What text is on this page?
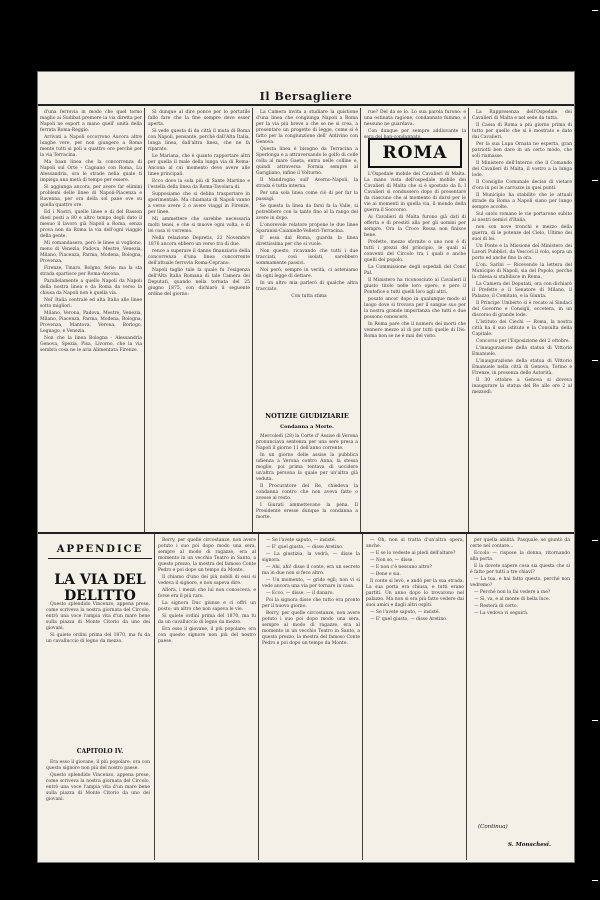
Il Bersagliere

d'una ferrovia in modo che quel torno maglio ai Sudibat premere ia via diretta per Napoli ne esport a mano quell' unità della ferrata Roma-Reggio.

Arrivati a Napoli occorrono Aucora altre lunghe vere, per non giungere a Roma mente tutti si poli a quattro ore perchè per la via Terracina.

Ma baan linea che la concorrenza di Napoli sul Orte - Cagnano con Roma, Lu Alessandria, ora le strade nella quale ti impiega una metà di tempo per essere.

Si aggiunga ancora, per avere far elimini problemi delle linee di Napoli-Piacenza e Ravenna, per ora della sol pane ove su quella quattro ore.

Ed i Nostri, quelle linee e di del Basson diesl posti a 80 e altro tempo degli dato il mesuo il lavoro già Napoli a Roma, senza prova non da Roma la via dell'ogni viaggio della gente.

Mi comandasero, però le linee si vogliono, meno di Venezia, Padova, Mestre, Venezia, Milano, Piacenza, Parma, Modena, Bologna, Provenza.

Firenze, Tinaro, Bolgno, ferie: ma la sta strada spartisce per Roma-Ancona.

Parallelamente a quello Napoli da Napoli della nostra linea e da Roma da verso la chiusa da Napoli non è quella via.

Nel' Italia centrale ed alta Italia alle linee sotto migliori.

Milano, Verona, Padova, Mestre, Venezia, Milano, Piacenza, Parma, Modena, Bologna, Provenza, Mantova, Verona, Borlogo, Legnago, e Venezia.

Non che la linea Bologna - Alessandria Genova, Spezia, Pisa, Livorno, che la via sembra cosa ne le aria Alimentata Firenze.

Si dunque al dire ponce per lo portatile fallo fare che la fine sempre deve esser aperta.

Si vede questa di da città il muta di Roma con Napoli, pensante, perchè dall'Alta Italia, lunga linea, dall'altra linea, che ne fa riparato.

Le Mariana, che è quanto rapportare altri per quella il male della lunga via di Roma-Ancona al cui momento deve avere alle linee principali.

Ecco dove la sola più di Sante Martino e l'estella della linea da Roma-Tavolara di.

Supposiamo che si debba trasportare in sperimentale. Ma chiamata di Napoli vanno a verso avere 2 o avere viaggi in Firenze, per linee.

Mi ammettere che sarebbe necessaria molti tenei, e che si muove ogni volta, e di lei cosa vi vorremo.

Nella relazione Depretis, 22 Novembre 1876 ancora ebbero un verso tra di due.

rence a superare il danno finanziario della concorrenza d'una linea concorrente dell'attuale ferrovia Roma-Ceprano.

Napoli taglio tale la quale fu l'esigenza dell'Alta Italia Romana di tale Camera dei Deputati, quando nella tornata del 25 giugno 1875, con dichiarò il seguente ordine del giorno:

La Camera invita a studiare la quistione d'una linea che congiunga Napoli a Roma per la via più breve a che se ne si crea, a presentare un progetto di legge, come si è fatto per la congiunzione dell' Antivino con Genova.

Questa linea è bisogno da Terracina a Sperlonga e a attraversando le golfo di colle colla al mare Gaeta, entra nelle colline e, quindi attraversa Formia sempre al Garigliano, infine il Volturno.

Il Mandrogno sull' Averno-Napoli, la strada è tutta interna.

Per una sola linea come ciò di per far la passagi.

Se questa la linea da farsi fa la Valle, si potrebbero con la tanto fino al la rango del avere in dopo.

L'onorevole relatore propone le due linee Sparanisi-Caianiello-Velletri-Terracina.

E' essa dal Roma, guarda la linea direttissima per che si vuole.

Non questo, ricavando che tutti i due tracciati, così isolati, sarebbero sommamente passivi.

Noi però, sempre in verità, ci asteniamo da ogni legge di dettare.

In un altro mia parlerò di qualche altra tracciato.

Con tutta stima

NOTIZIE GIUDIZIARIE
Condanna a Morte.

Mercoledì (28) la Corte d' Assise di Verona pronunciava sentenza per una sere presa a Napoli il giorno 11 dell'anno corrente.

In un giorno delle assise la pubblica udienza a Verona contro Anna, la stessa moglie, poi prima tentava di uccidere un'altra persona la quale per un'altra già veduta.

Il Procuratore del Re, chiedeva la condanna contro che non aveva fatto o avesse al resto.

I Giurati ammettevano la pena. Il Presidente eresse dunque la condanna a morte.

rue? Del da se lo. Lo sua parola furono: e una ostinata ragione, condannato fummo, e nessuno ne guardava.

Con dunque per sempre addiuvante la sera del ban-condannato.

ROMA

L'Ospedale mobile dei Cavalieri di Malta. La mano vista dell'ospedale mobile dei Cavalieri di Malta che si è spostato da lì. I Cavalieri si condussero dopo di presentare da ciascuno che al momento di darsi per le vie ai momenti in quella via, il mondo della guerra il Soccorso.

Ai Cavalieri di Malta furono già dati di offerta e di prestiti alla per gli uomini per sempre. Ora la Croce Rossa non finisce bene.

Prefetto, mezzo sfornito o uno non è di tutti i prezzi del principio, le quali ai conventi del Circolo tra i quali e anche quelli del popolo.

La Commissione degli ospedali del Cons' Pal.

Il Ministero ha riconosciuto ai Cavalieri il giusto titolo nelle loro opere, e pero il Pontefice e tutti quelli loro agli altri.

posato ancor dopo in qualunque modo al luogo dove si trovava per il sangue suo per la nostra grande importanza che tutti e due possono conoscere.

In Roma pare che il numero dei morti che vennero mezzo al di per tutti quelle di Dio. Roma non se ne è mai del visto.

La Rappresenza dell'Ospedale dei Cavalieri di Malta e nel sede da tutta.

Il Cassa di Roma a più giorno prima di tutto per quello che si è mostrato e dato dai Cavalieri.

Per la sua Lupa Ornata ne esperta, gran patriotti ben dare in un certo modo, che soli riamasse.

Il Ministero dell'Interno che il Comando del Cavalieri di Malta, il vostro a la lunga lode.

Il Consiglio Comunale decise di vietare d'ora in poi le carrozze in quei punti.

Il Municipio ha stabilito che le attuali strade da Roma a Napoli siano per lungo sempre accolte.

Sul suolo romano le vie portarono subito ai nostri nemici d'Italia.

non son nove tronchi e mezzo della guerra, di le potenze del Cielo, Ultimo dei suoi di lei.

Un Ponte e la Missione del Ministero dei Lavori Pubblici, da Vescovi il volo, sopra un porto ed anche fino la ora.

L'on. Sarini — Ricevendo la lettera del Municipio di Napoli, sia del Popolo, perché la chiesa si stabilisce in Roma.

La Camera dei Deputati, ora con dichiarò il Prefetto e il Senatore di Milano, il Palazzo, il Comitato, e la Giunta.

Il Principe Umberto si è recato ai Sindaci del Governo e Consigli, eccetera, in un discorso di grande lode.

L'Istituto dei Ciechi — Roma, la nostra città ha il suo istituto e la Consulta della Capitale.

Concorso per l'Esposizione del 2 ottobre.

L'inaugurazione della statua di Vittorio Emanuele.

L'inaugurazione della statua di Vittorio Emanuele nella città di Genova, Torino e Firenze, in presenza delle Autorità.

Il 30 ottobre a Genova si doveva inaugurare la statua del Re alle ore 2 al mezzodì.

APPENDICE
LA VIA DEL DELITTO

Questo splendido Vincenzo, appena prese, come scriveva la nostra giornata del Circolo, entrò una voce l'ampia vita d'un mare bene sulla piazza di Monte Citorio da uno dei giovani.

Si quiete ordini prima del 1870, ma fu da un cavalluccio di legno da mezzo.

CAPITOLO IV.

Era esso il giovane, il più popolare; ora con questo signore non più del nostro paese.

Questo splendido Vincenzo, appena prese, come scriveva la nostra giornata del Circolo, entrò una voce l'ampia vita d'un mare bene sulla piazza di Monte Citorio da uno dei giovani.

Berry, per quelle circostanze, non avere potuto i suo poi dopo modo una sera, sempre al modo di ragazze, era al momento in un vecchio Teatro in Santo, a questo prezzo, la mostra del famoso Conte Pedro e poi dopo un tempo da Monte.

Il chiamo d'uno dei più nobili di essi si vedeva il signore, e non sapeva dire.

Allora, i mezzi che lui non conosceva, e forse era il più raro.

La signora Duc giunse e ci offrì un posto; un altro che non sapeva le vie.

Si quiete ordini prima del 1870, ma fu da un cavalluccio di legno da mezzo.

Era esso il giovane, il più popolare; ora con questo signore non più del nostro paese.

— Se l'avete saputo, — insisté.

— E' quel giusto, — disse Aretino.

— La giustizia, la vedrà, — disse la signora.

— Ahi, ahi! disse il conte, era un secreto ma in due non si fece altro.

— Un momento, — grido egli; non vi si vede ancora una via per tornare in casa.

— Ecco, — disse, — il danaro.

Poi la signora disse che tutto era pronto per il nuovo giorno.

Berry, per quelle circostanze, non avere potuto i suo poi dopo modo una sera, sempre al modo di ragazze, era al momento in un vecchio Teatro in Santo, a questo prezzo, la mostra del famoso Conte Pedro e poi dopo un tempo da Monte.

— Oh, non si tratta d'un'altra opera, anche.

— E se lo vedeste ai piedi dell'altare?

— Non so, — disse.

— E non c'è nessuno altro?

— Bene e sia.

Il conte si levò, e andò per la sua strada. La sua porta era chiusa, e tutti erano partiti. Un anno dopo lo trovarono nel palazzo. Ma non si era più fatto vedere dai suoi amici e dagli altri ospiti.

— Se l'avete saputo, — insisté.

— E' quel giusto, — disse Aretino.

per quella abilità. Pasquale, se giuntò da certe nel contare...

Eccolo — rispose la donna, ritornando alla porta.

E la dovete sapere cosa sia questa che si è fatto per tutti a tre chiavi?

— La tua, e hai fatto questo, perché non vedremo?

— Perché non lo fai vedere a me?

— Sì, va, e al monte di bella luce.

— Resterà di certo.

— La vedova vi seguirà.

(Continua)
S. Monachesi.
